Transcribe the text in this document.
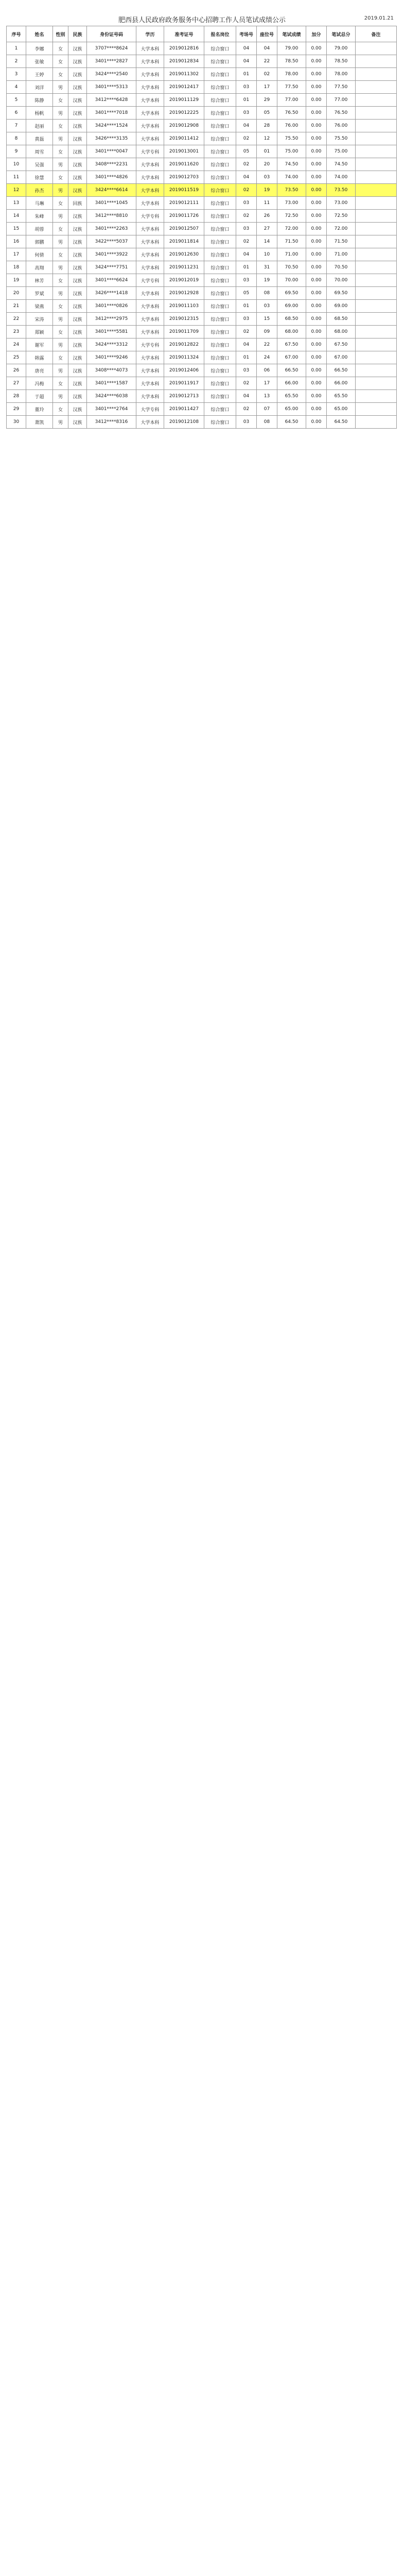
肥西县人民政府政务服务中心招聘工作人员笔试成绩公示	2019.01.21
序号	姓名	性别	民族	身份证号码	学历	准考证号	报名岗位	考场号	座位号	笔试成绩	加分	笔试总分	备注
1	李娜	女	汉族	3707****8624	大学本科	2019012816	综合窗口	04	04	79.00	0.00	79.00	
2	张敏	女	汉族	3401****2827	大学本科	2019012834	综合窗口	04	22	78.50	0.00	78.50	
3	王婷	女	汉族	3424****2540	大学本科	2019011302	综合窗口	01	02	78.00	0.00	78.00	
4	刘洋	男	汉族	3401****5313	大学本科	2019012417	综合窗口	03	17	77.50	0.00	77.50	
5	陈静	女	汉族	3412****6428	大学本科	2019011129	综合窗口	01	29	77.00	0.00	77.00	
6	杨帆	男	汉族	3401****7018	大学本科	2019012225	综合窗口	03	05	76.50	0.00	76.50	
7	赵丽	女	汉族	3424****1524	大学本科	2019012908	综合窗口	04	28	76.00	0.00	76.00	
8	黄磊	男	汉族	3426****3135	大学本科	2019011412	综合窗口	02	12	75.50	0.00	75.50	
9	周雪	女	汉族	3401****0047	大学专科	2019013001	综合窗口	05	01	75.00	0.00	75.00	
10	吴强	男	汉族	3408****2231	大学本科	2019011620	综合窗口	02	20	74.50	0.00	74.50	
11	徐慧	女	汉族	3401****4826	大学本科	2019012703	综合窗口	04	03	74.00	0.00	74.00	
12	孙杰	男	汉族	3424****6614	大学本科	2019011519	综合窗口	02	19	73.50	0.00	73.50	
13	马琳	女	回族	3401****1045	大学本科	2019012111	综合窗口	03	11	73.00	0.00	73.00	
14	朱峰	男	汉族	3412****8810	大学专科	2019011726	综合窗口	02	26	72.50	0.00	72.50	
15	胡蓉	女	汉族	3401****2263	大学本科	2019012507	综合窗口	03	27	72.00	0.00	72.00	
16	郭鹏	男	汉族	3422****5037	大学本科	2019011814	综合窗口	02	14	71.50	0.00	71.50	
17	何倩	女	汉族	3401****3922	大学本科	2019012630	综合窗口	04	10	71.00	0.00	71.00	
18	高翔	男	汉族	3424****7751	大学本科	2019011231	综合窗口	01	31	70.50	0.00	70.50	
19	林芳	女	汉族	3401****6624	大学专科	2019012019	综合窗口	03	19	70.00	0.00	70.00	
20	罗斌	男	汉族	3426****1418	大学本科	2019012928	综合窗口	05	08	69.50	0.00	69.50	
21	梁燕	女	汉族	3401****0826	大学本科	2019011103	综合窗口	01	03	69.00	0.00	69.00	
22	宋涛	男	汉族	3412****2975	大学本科	2019012315	综合窗口	03	15	68.50	0.00	68.50	
23	郑颖	女	汉族	3401****5581	大学本科	2019011709	综合窗口	02	09	68.00	0.00	68.00	
24	谢军	男	汉族	3424****3312	大学专科	2019012822	综合窗口	04	22	67.50	0.00	67.50	
25	韩露	女	汉族	3401****9246	大学本科	2019011324	综合窗口	01	24	67.00	0.00	67.00	
26	唐亮	男	汉族	3408****4073	大学本科	2019012406	综合窗口	03	06	66.50	0.00	66.50	
27	冯梅	女	汉族	3401****1587	大学本科	2019011917	综合窗口	02	17	66.00	0.00	66.00	
28	于超	男	汉族	3424****6038	大学本科	2019012713	综合窗口	04	13	65.50	0.00	65.50	
29	董玲	女	汉族	3401****2764	大学专科	2019011427	综合窗口	02	07	65.00	0.00	65.00	
30	萧凯	男	汉族	3412****8316	大学本科	2019012108	综合窗口	03	08	64.50	0.00	64.50	
